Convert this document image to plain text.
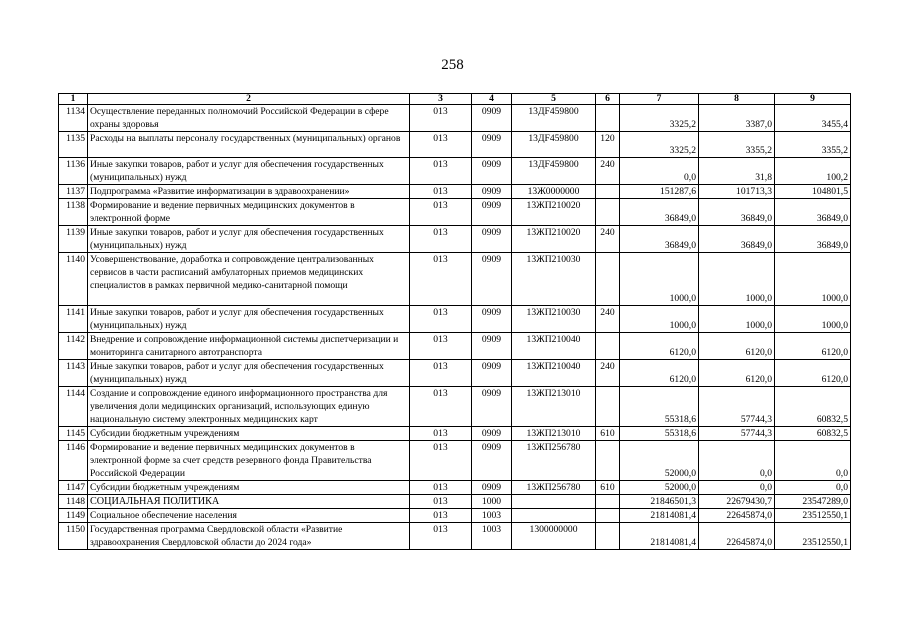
258
1	2	3	4	5	6	7	8	9
1134	Осуществление переданных полномочий Российской Федерации в сфере охраны здоровья	013	0909	13ДF459800		3325,2	3387,0	3455,4
1135	Расходы на выплаты персоналу государственных (муниципальных) органов	013	0909	13ДF459800	120	3325,2	3355,2	3355,2
1136	Иные закупки товаров, работ и услуг для обеспечения государственных (муниципальных) нужд	013	0909	13ДF459800	240	0,0	31,8	100,2
1137	Подпрограмма «Развитие информатизации в здравоохранении»	013	0909	13Ж0000000		151287,6	101713,3	104801,5
1138	Формирование и ведение первичных медицинских документов в электронной форме	013	0909	13ЖП210020		36849,0	36849,0	36849,0
1139	Иные закупки товаров, работ и услуг для обеспечения государственных (муниципальных) нужд	013	0909	13ЖП210020	240	36849,0	36849,0	36849,0
1140	Усовершенствование, доработка и сопровождение централизованных сервисов в части расписаний амбулаторных приемов медицинских специалистов в рамках первичной медико-санитарной помощи	013	0909	13ЖП210030		1000,0	1000,0	1000,0
1141	Иные закупки товаров, работ и услуг для обеспечения государственных (муниципальных) нужд	013	0909	13ЖП210030	240	1000,0	1000,0	1000,0
1142	Внедрение и сопровождение информационной системы диспетчеризации и мониторинга санитарного автотранспорта	013	0909	13ЖП210040		6120,0	6120,0	6120,0
1143	Иные закупки товаров, работ и услуг для обеспечения государственных (муниципальных) нужд	013	0909	13ЖП210040	240	6120,0	6120,0	6120,0
1144	Создание и сопровождение единого информационного пространства для увеличения доли медицинских организаций, использующих единую национальную систему электронных медицинских карт	013	0909	13ЖП213010		55318,6	57744,3	60832,5
1145	Субсидии бюджетным учреждениям	013	0909	13ЖП213010	610	55318,6	57744,3	60832,5
1146	Формирование и ведение первичных медицинских документов в электронной форме за счет средств резервного фонда Правительства Российской Федерации	013	0909	13ЖП256780		52000,0	0,0	0,0
1147	Субсидии бюджетным учреждениям	013	0909	13ЖП256780	610	52000,0	0,0	0,0
1148	СОЦИАЛЬНАЯ ПОЛИТИКА	013	1000			21846501,3	22679430,7	23547289,0
1149	Социальное обеспечение населения	013	1003			21814081,4	22645874,0	23512550,1
1150	Государственная программа Свердловской области «Развитие здравоохранения Свердловской области до 2024 года»	013	1003	1300000000		21814081,4	22645874,0	23512550,1
